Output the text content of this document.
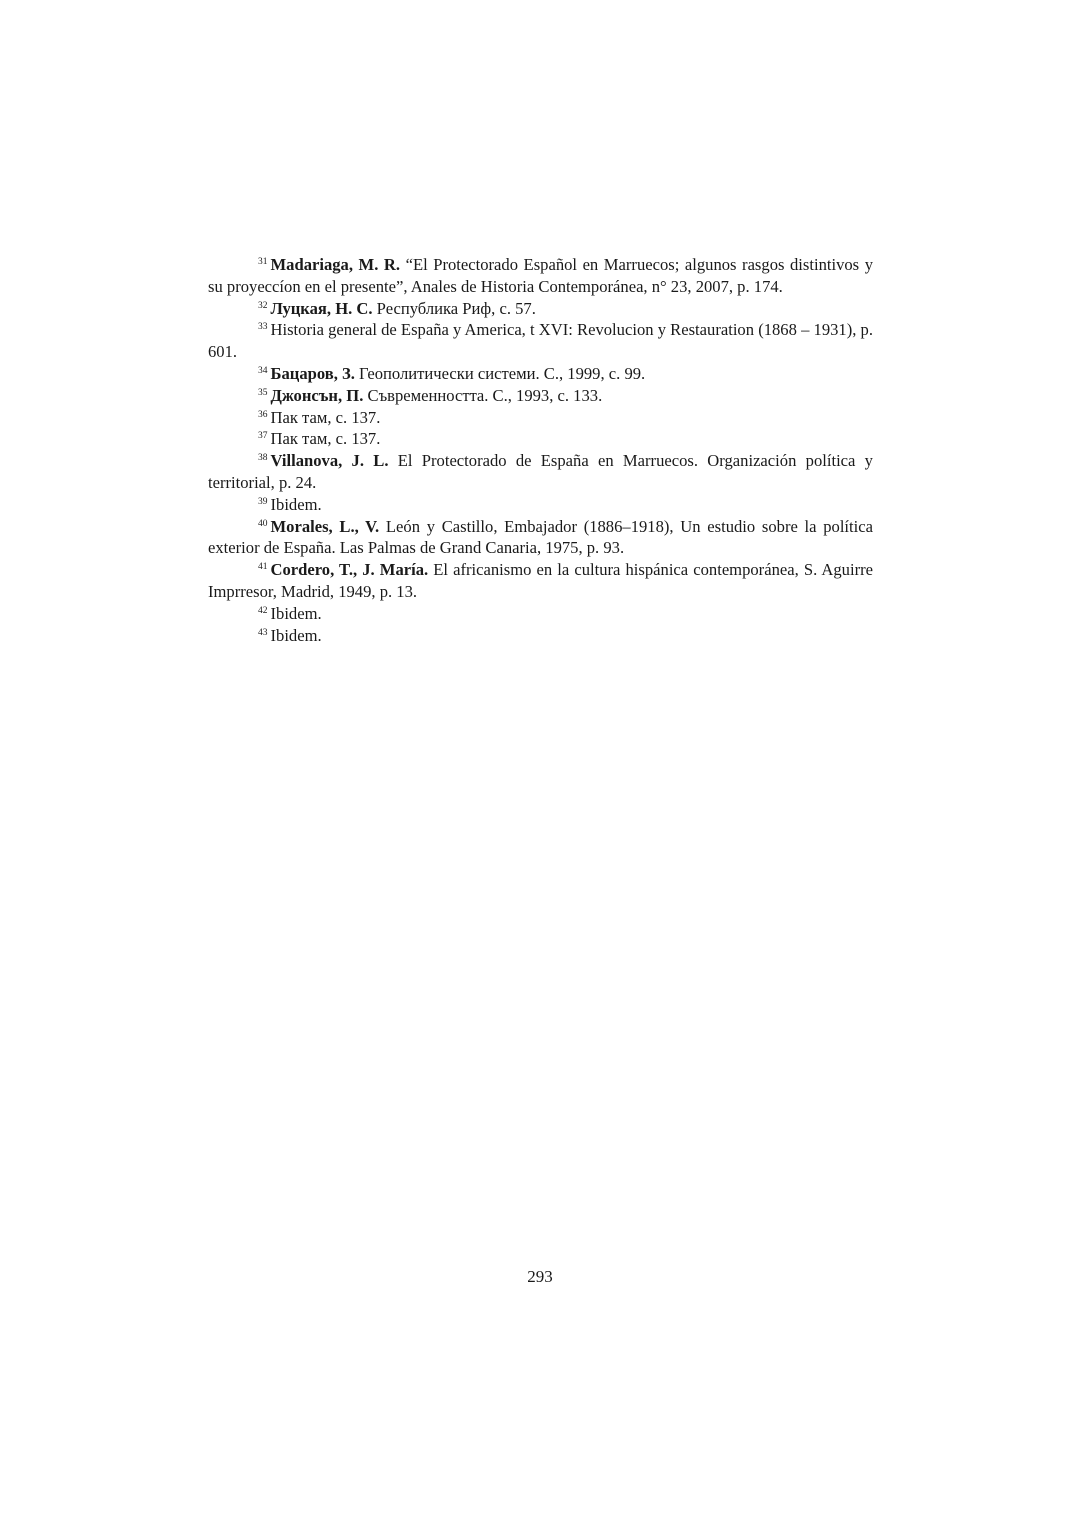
$^{31}$ Madariaga, M. R. “El Protectorado Español en Marruecos; algunos rasgos distintivos y su proyeccíon en el presente”, Anales de Historia Contemporánea, n° 23, 2007, p. 174.

$^{32}$ Луцкая, Н. С. Республика Риф, с. 57.

$^{33}$ Historia general de España y America, t XVI: Revolucion y Restauration (1868 – 1931), p. 601.

$^{34}$ Бацаров, З. Геополитически системи. С., 1999, с. 99.

$^{35}$ Джонсън, П. Съвременносттa. С., 1993, с. 133.

$^{36}$ Пак там, с. 137.

$^{37}$ Пак там, с. 137.

$^{38}$ Villanova, J. L. El Protectorado de España en Marruecos. Organización política y territorial, p. 24.

$^{39}$ Ibidem.

$^{40}$ Morales, L., V. León y Castillo, Embajador (1886–1918), Un estudio sobre la política exterior de España. Las Palmas de Grand Canaria, 1975, p. 93.

$^{41}$ Cordero, T., J. María. El africanismo en la cultura hispánica contemporánea, S. Aguirre Imprresor, Madrid, 1949, p. 13.

$^{42}$ Ibidem.

$^{43}$ Ibidem.

293
